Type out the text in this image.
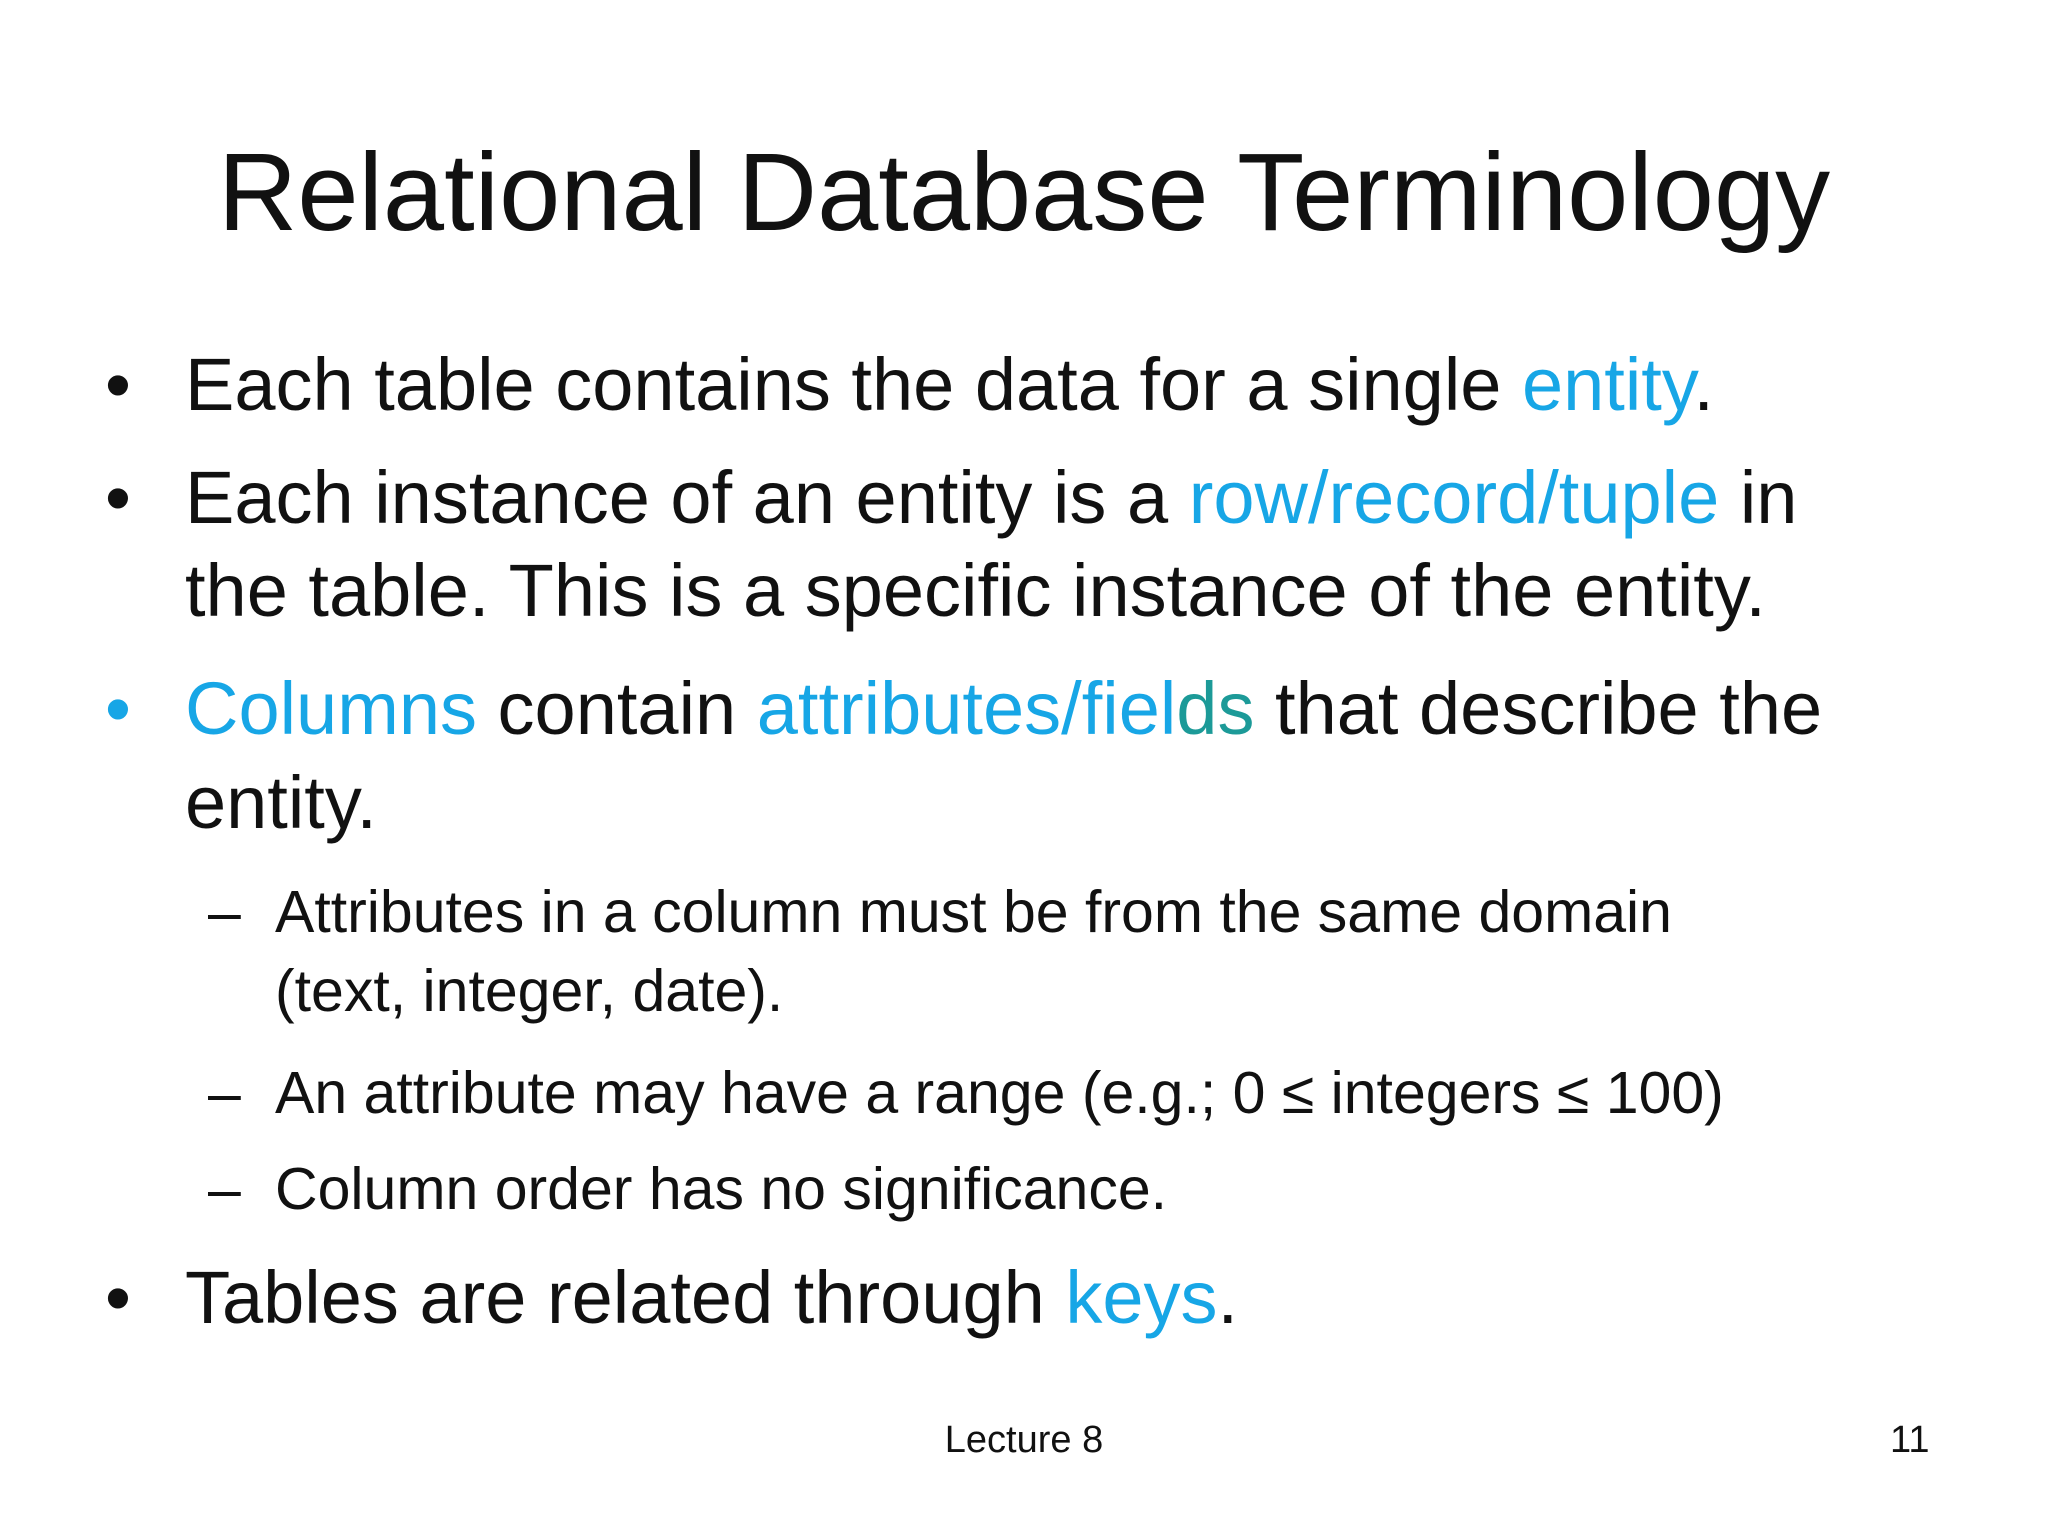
Relational Database Terminology
• Each table contains the data for a single entity.
• Each instance of an entity is a row/record/tuple in
the table. This is a specific instance of the entity.
• Columns contain attributes/fields that describe the
entity.
– Attributes in a column must be from the same domain
(text, integer, date).
– An attribute may have a range (e.g.; 0 ≤ integers ≤ 100)
– Column order has no significance.
• Tables are related through keys.
Lecture 8	11
